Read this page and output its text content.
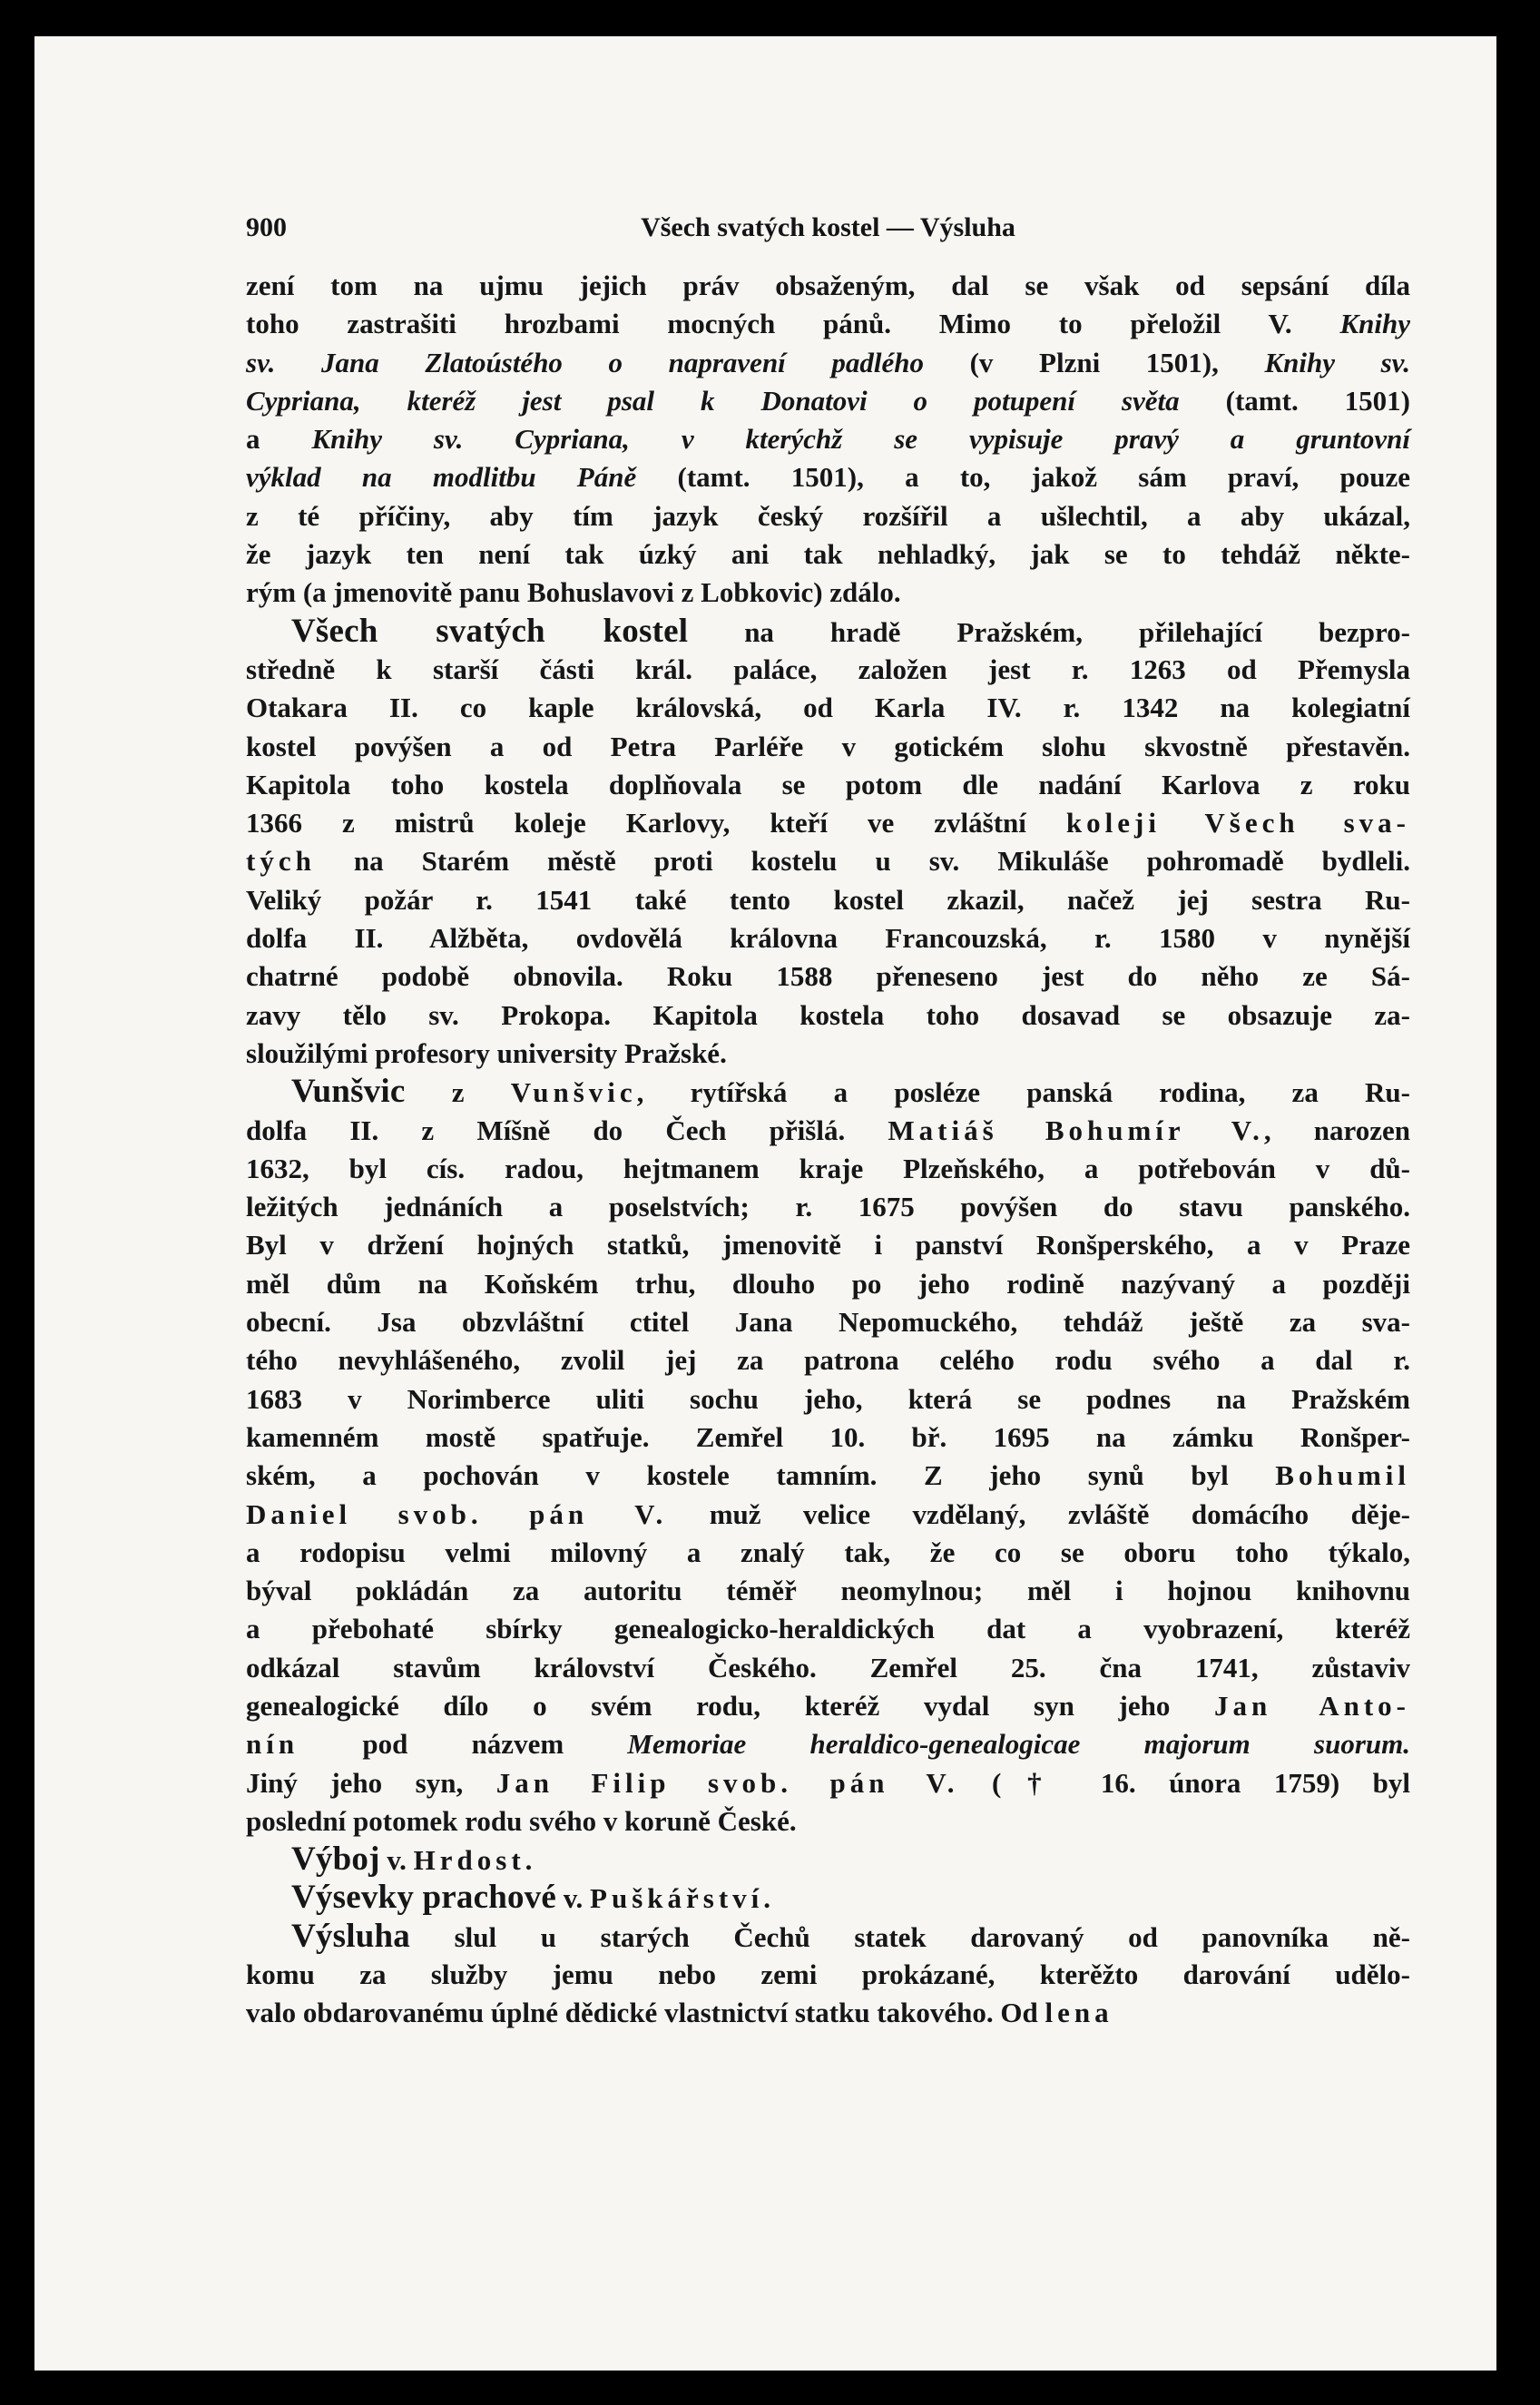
900	Všech svatých kostel — Výsluha
zení tom na ujmu jejich práv obsaženým, dal se však od sepsání díla
toho zastrašiti hrozbami mocných pánů. Mimo to přeložil V. Knihy
sv. Jana Zlatoústého o napravení padlého (v Plzni 1501), Knihy sv.
Cypriana, kteréž jest psal k Donatovi o potupení světa (tamt. 1501)
a Knihy sv. Cypriana, v kterýchž se vypisuje pravý a gruntovní
výklad na modlitbu Páně (tamt. 1501), a to, jakož sám praví, pouze
z té příčiny, aby tím jazyk český rozšířil a ušlechtil, a aby ukázal,
že jazyk ten není tak úzký ani tak nehladký, jak se to tehdáž někte-
rým (a jmenovitě panu Bohuslavovi z Lobkovic) zdálo.
Všech svatých kostel na hradě Pražském, přilehající bezpro-
středně k starší části král. paláce, založen jest r. 1263 od Přemysla
Otakara II. co kaple královská, od Karla IV. r. 1342 na kolegiatní
kostel povýšen a od Petra Parléře v gotickém slohu skvostně přestavěn.
Kapitola toho kostela doplňovala se potom dle nadání Karlova z roku
1366 z mistrů koleje Karlovy, kteří ve zvláštní koleji Všech sva-
tých na Starém městě proti kostelu u sv. Mikuláše pohromadě bydleli.
Veliký požár r. 1541 také tento kostel zkazil, načež jej sestra Ru-
dolfa II. Alžběta, ovdovělá královna Francouzská, r. 1580 v nynější
chatrné podobě obnovila. Roku 1588 přeneseno jest do něho ze Sá-
zavy tělo sv. Prokopa. Kapitola kostela toho dosavad se obsazuje za-
sloužilými profesory university Pražské.
Vunšvic z Vunšvic, rytířská a posléze panská rodina, za Ru-
dolfa II. z Míšně do Čech přišlá. Matiáš Bohumír V., narozen
1632, byl cís. radou, hejtmanem kraje Plzeňského, a potřebován v dů-
ležitých jednáních a poselstvích; r. 1675 povýšen do stavu panského.
Byl v držení hojných statků, jmenovitě i panství Ronšperského, a v Praze
měl dům na Koňském trhu, dlouho po jeho rodině nazývaný a později
obecní. Jsa obzvláštní ctitel Jana Nepomuckého, tehdáž ještě za sva-
tého nevyhlášeného, zvolil jej za patrona celého rodu svého a dal r.
1683 v Norimberce uliti sochu jeho, která se podnes na Pražském
kamenném mostě spatřuje. Zemřel 10. bř. 1695 na zámku Ronšper-
ském, a pochován v kostele tamním. Z jeho synů byl Bohumil
Daniel svob. pán V. muž velice vzdělaný, zvláště domácího děje-
a rodopisu velmi milovný a znalý tak, že co se oboru toho týkalo,
býval pokládán za autoritu téměř neomylnou; měl i hojnou knihovnu
a přebohaté sbírky genealogicko-heraldických dat a vyobrazení, kteréž
odkázal stavům království Českého. Zemřel 25. čna 1741, zůstaviv
genealogické dílo o svém rodu, kteréž vydal syn jeho Jan Anto-
nín pod názvem Memoriae heraldico-genealogicae majorum suorum.
Jiný jeho syn, Jan Filip svob. pán V. († 16. února 1759) byl
poslední potomek rodu svého v koruně České.
Výboj v. Hrdost.
Výsevky prachové v. Puškářství.
Výsluha slul u starých Čechů statek darovaný od panovníka ně-
komu za služby jemu nebo zemi prokázané, kterěžto darování udělo-
valo obdarovanému úplné dědické vlastnictví statku takového. Od lena
